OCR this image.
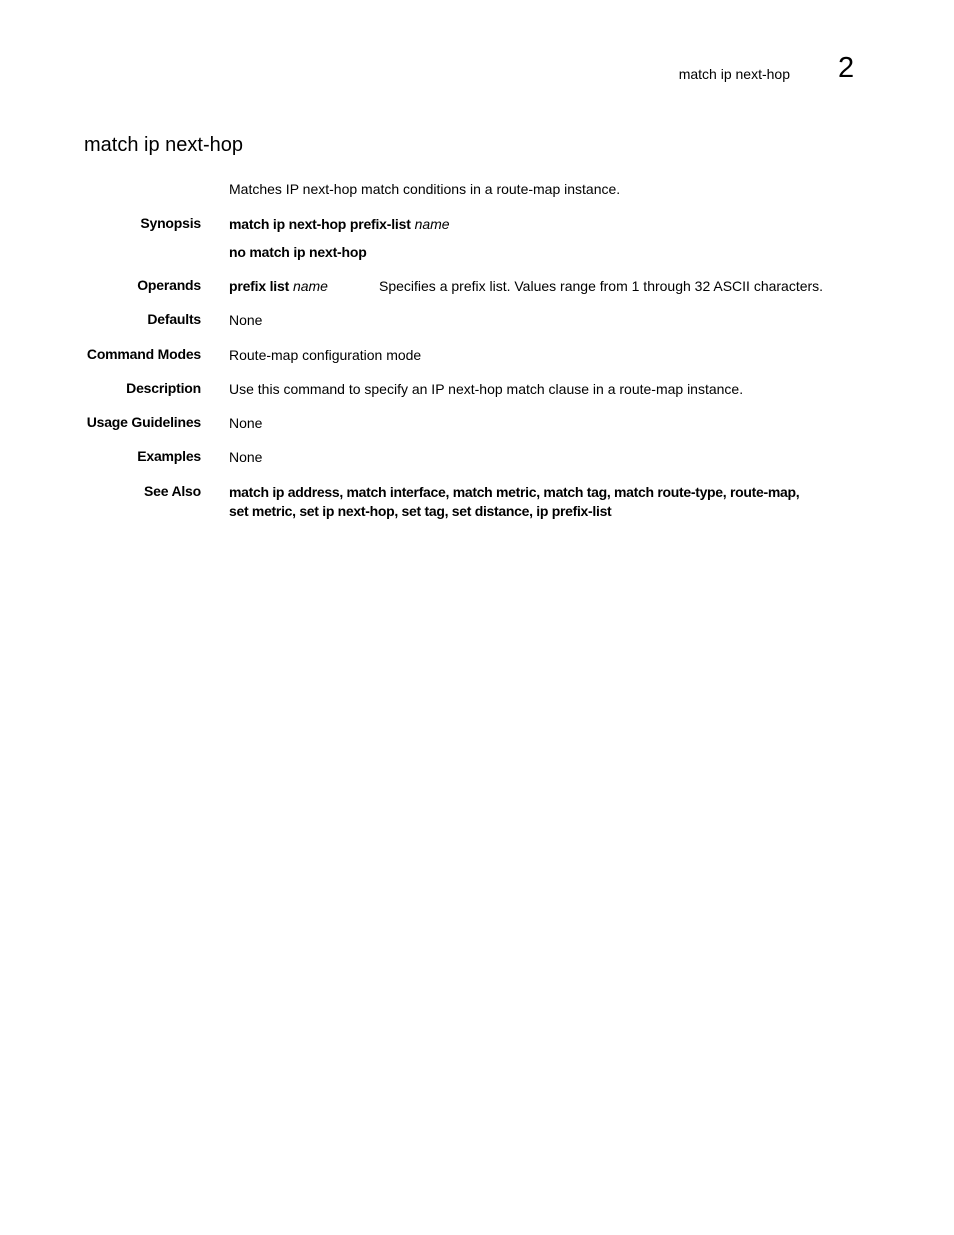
match ip next-hop 2
match ip next-hop
Matches IP next-hop match conditions in a route-map instance.
Synopsis match ip next-hop prefix-list name
no match ip next-hop
Operands prefix list name	Specifies a prefix list. Values range from 1 through 32 ASCII characters.
Defaults None
Command Modes Route-map configuration mode
Description Use this command to specify an IP next-hop match clause in a route-map instance.
Usage Guidelines None
Examples None
See Also match ip address, match interface, match metric, match tag, match route-type, route-map,
set metric, set ip next-hop, set tag, set distance, ip prefix-list
